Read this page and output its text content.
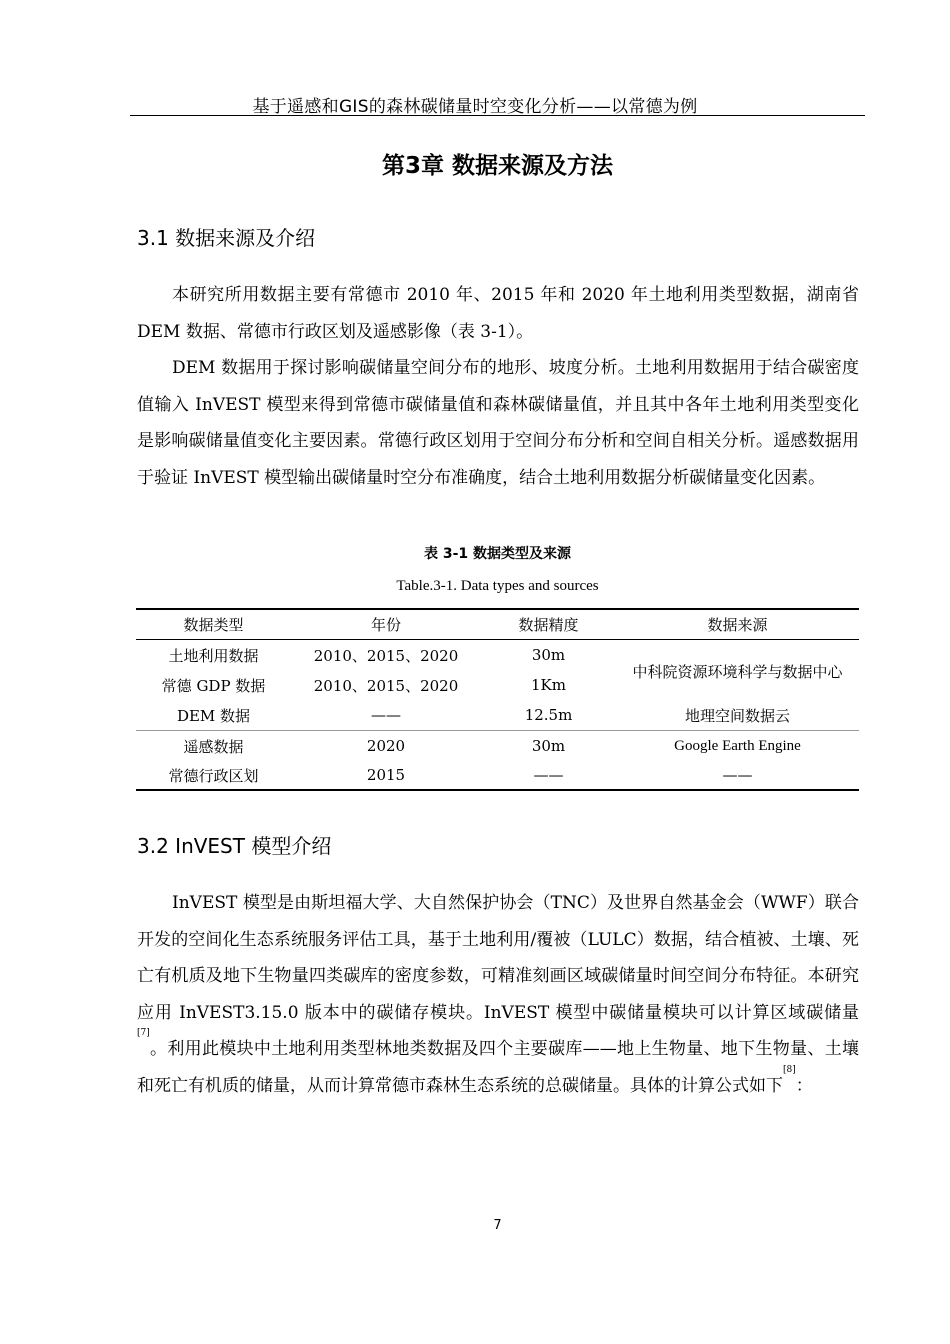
基于遥感和GIS的森林碳储量时空变化分析——以常德为例
第3章 数据来源及方法
3.1 数据来源及介绍

本研究所用数据主要有常德市 2010 年、2015 年和 2020 年土地利用类型数据，湖南省 DEM 数据、常德市行政区划及遥感影像（表 3-1）。

DEM 数据用于探讨影响碳储量空间分布的地形、坡度分析。土地利用数据用于结合碳密度值输入 InVEST 模型来得到常德市碳储量值和森林碳储量值，并且其中各年土地利用类型变化是影响碳储量值变化主要因素。常德行政区划用于空间分布分析和空间自相关分析。遥感数据用于验证 InVEST 模型输出碳储量时空分布准确度，结合土地利用数据分析碳储量变化因素。

表 3-1 数据类型及来源
Table.3-1. Data types and sources
数据类型	年份	数据精度	数据来源
土地利用数据	2010、2015、2020	30m	中科院资源环境科学与数据中心
常德 GDP 数据	2010、2015、2020	1Km	
DEM 数据	——	12.5m	地理空间数据云
遥感数据	2020	30m	Google Earth Engine
常德行政区划	2015	——	——
3.2 InVEST 模型介绍

InVEST 模型是由斯坦福大学、大自然保护协会（TNC）及世界自然基金会（WWF）联合开发的空间化生态系统服务评估工具，基于土地利用/覆被（LULC）数据，结合植被、土壤、死亡有机质及地下生物量四类碳库的密度参数，可精准刻画区域碳储量时间空间分布特征。本研究应用 InVEST3.15.0 版本中的碳储存模块。InVEST 模型中碳储量模块可以计算区域碳储量[7]。利用此模块中土地利用类型林地类数据及四个主要碳库——地上生物量、地下生物量、土壤和死亡有机质的储量，从而计算常德市森林生态系统的总碳储量。具体的计算公式如下[8]：

7
